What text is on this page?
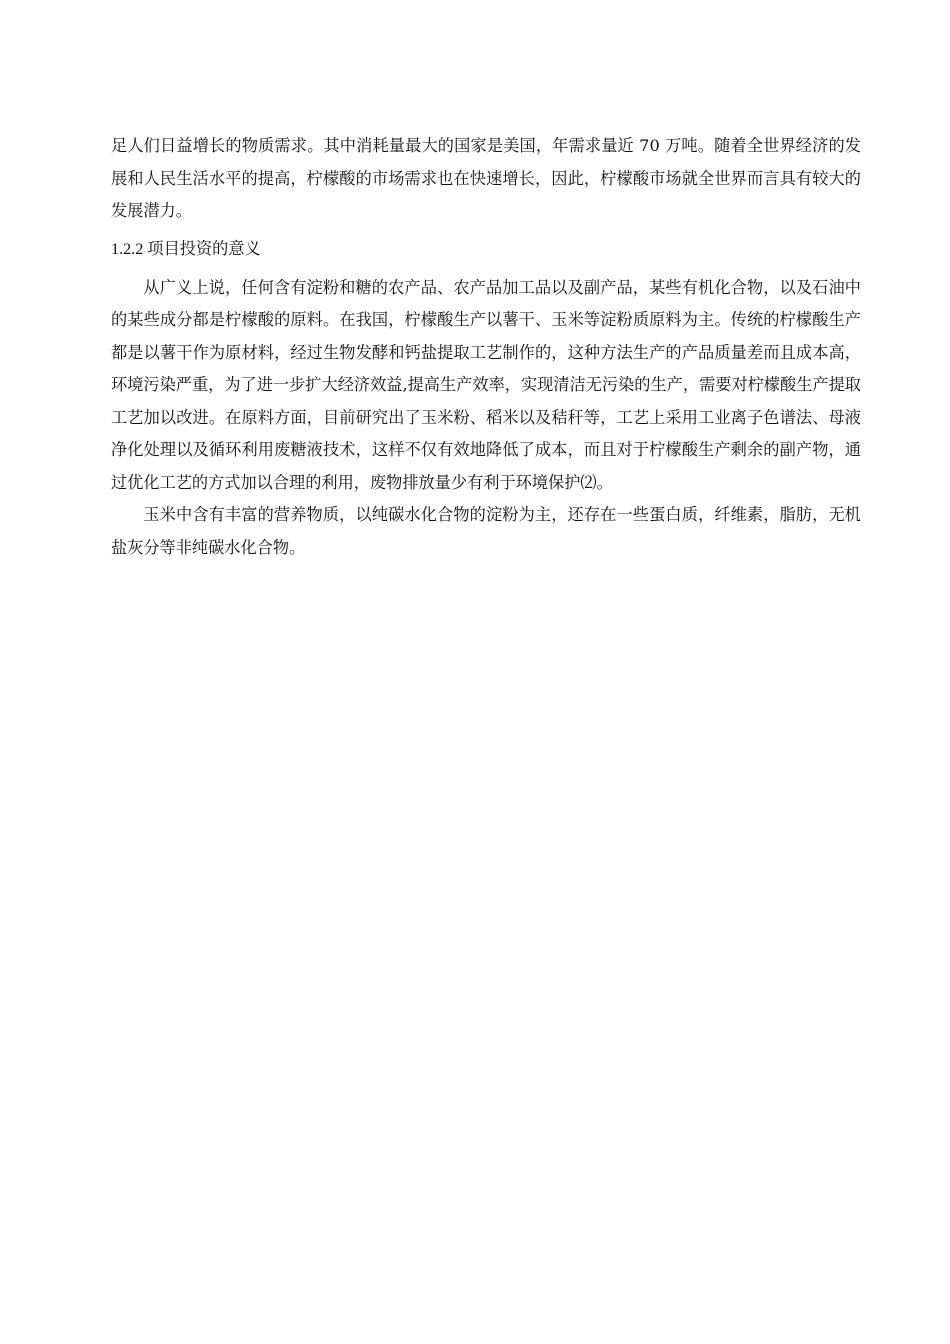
足人们日益增长的物质需求。其中消耗量最大的国家是美国，年需求量近 70 万吨。随着全世界经济的发展和人民生活水平的提高，柠檬酸的市场需求也在快速增长，因此，柠檬酸市场就全世界而言具有较大的发展潜力。

1.2.2 项目投资的意义

从广义上说，任何含有淀粉和糖的农产品、农产品加工品以及副产品，某些有机化合物，以及石油中的某些成分都是柠檬酸的原料。在我国，柠檬酸生产以薯干、玉米等淀粉质原料为主。传统的柠檬酸生产都是以薯干作为原材料，经过生物发酵和钙盐提取工艺制作的，这种方法生产的产品质量差而且成本高，环境污染严重，为了进一步扩大经济效益,提高生产效率，实现清洁无污染的生产，需要对柠檬酸生产提取工艺加以改进。在原料方面，目前研究出了玉米粉、稻米以及秸秆等，工艺上采用工业离子色谱法、母液净化处理以及循环利用废糖液技术，这样不仅有效地降低了成本，而且对于柠檬酸生产剩余的副产物，通过优化工艺的方式加以合理的利用，废物排放量少有利于环境保护⑵。

玉米中含有丰富的营养物质，以纯碳水化合物的淀粉为主，还存在一些蛋白质，纤维素，脂肪，无机盐灰分等非纯碳水化合物。
